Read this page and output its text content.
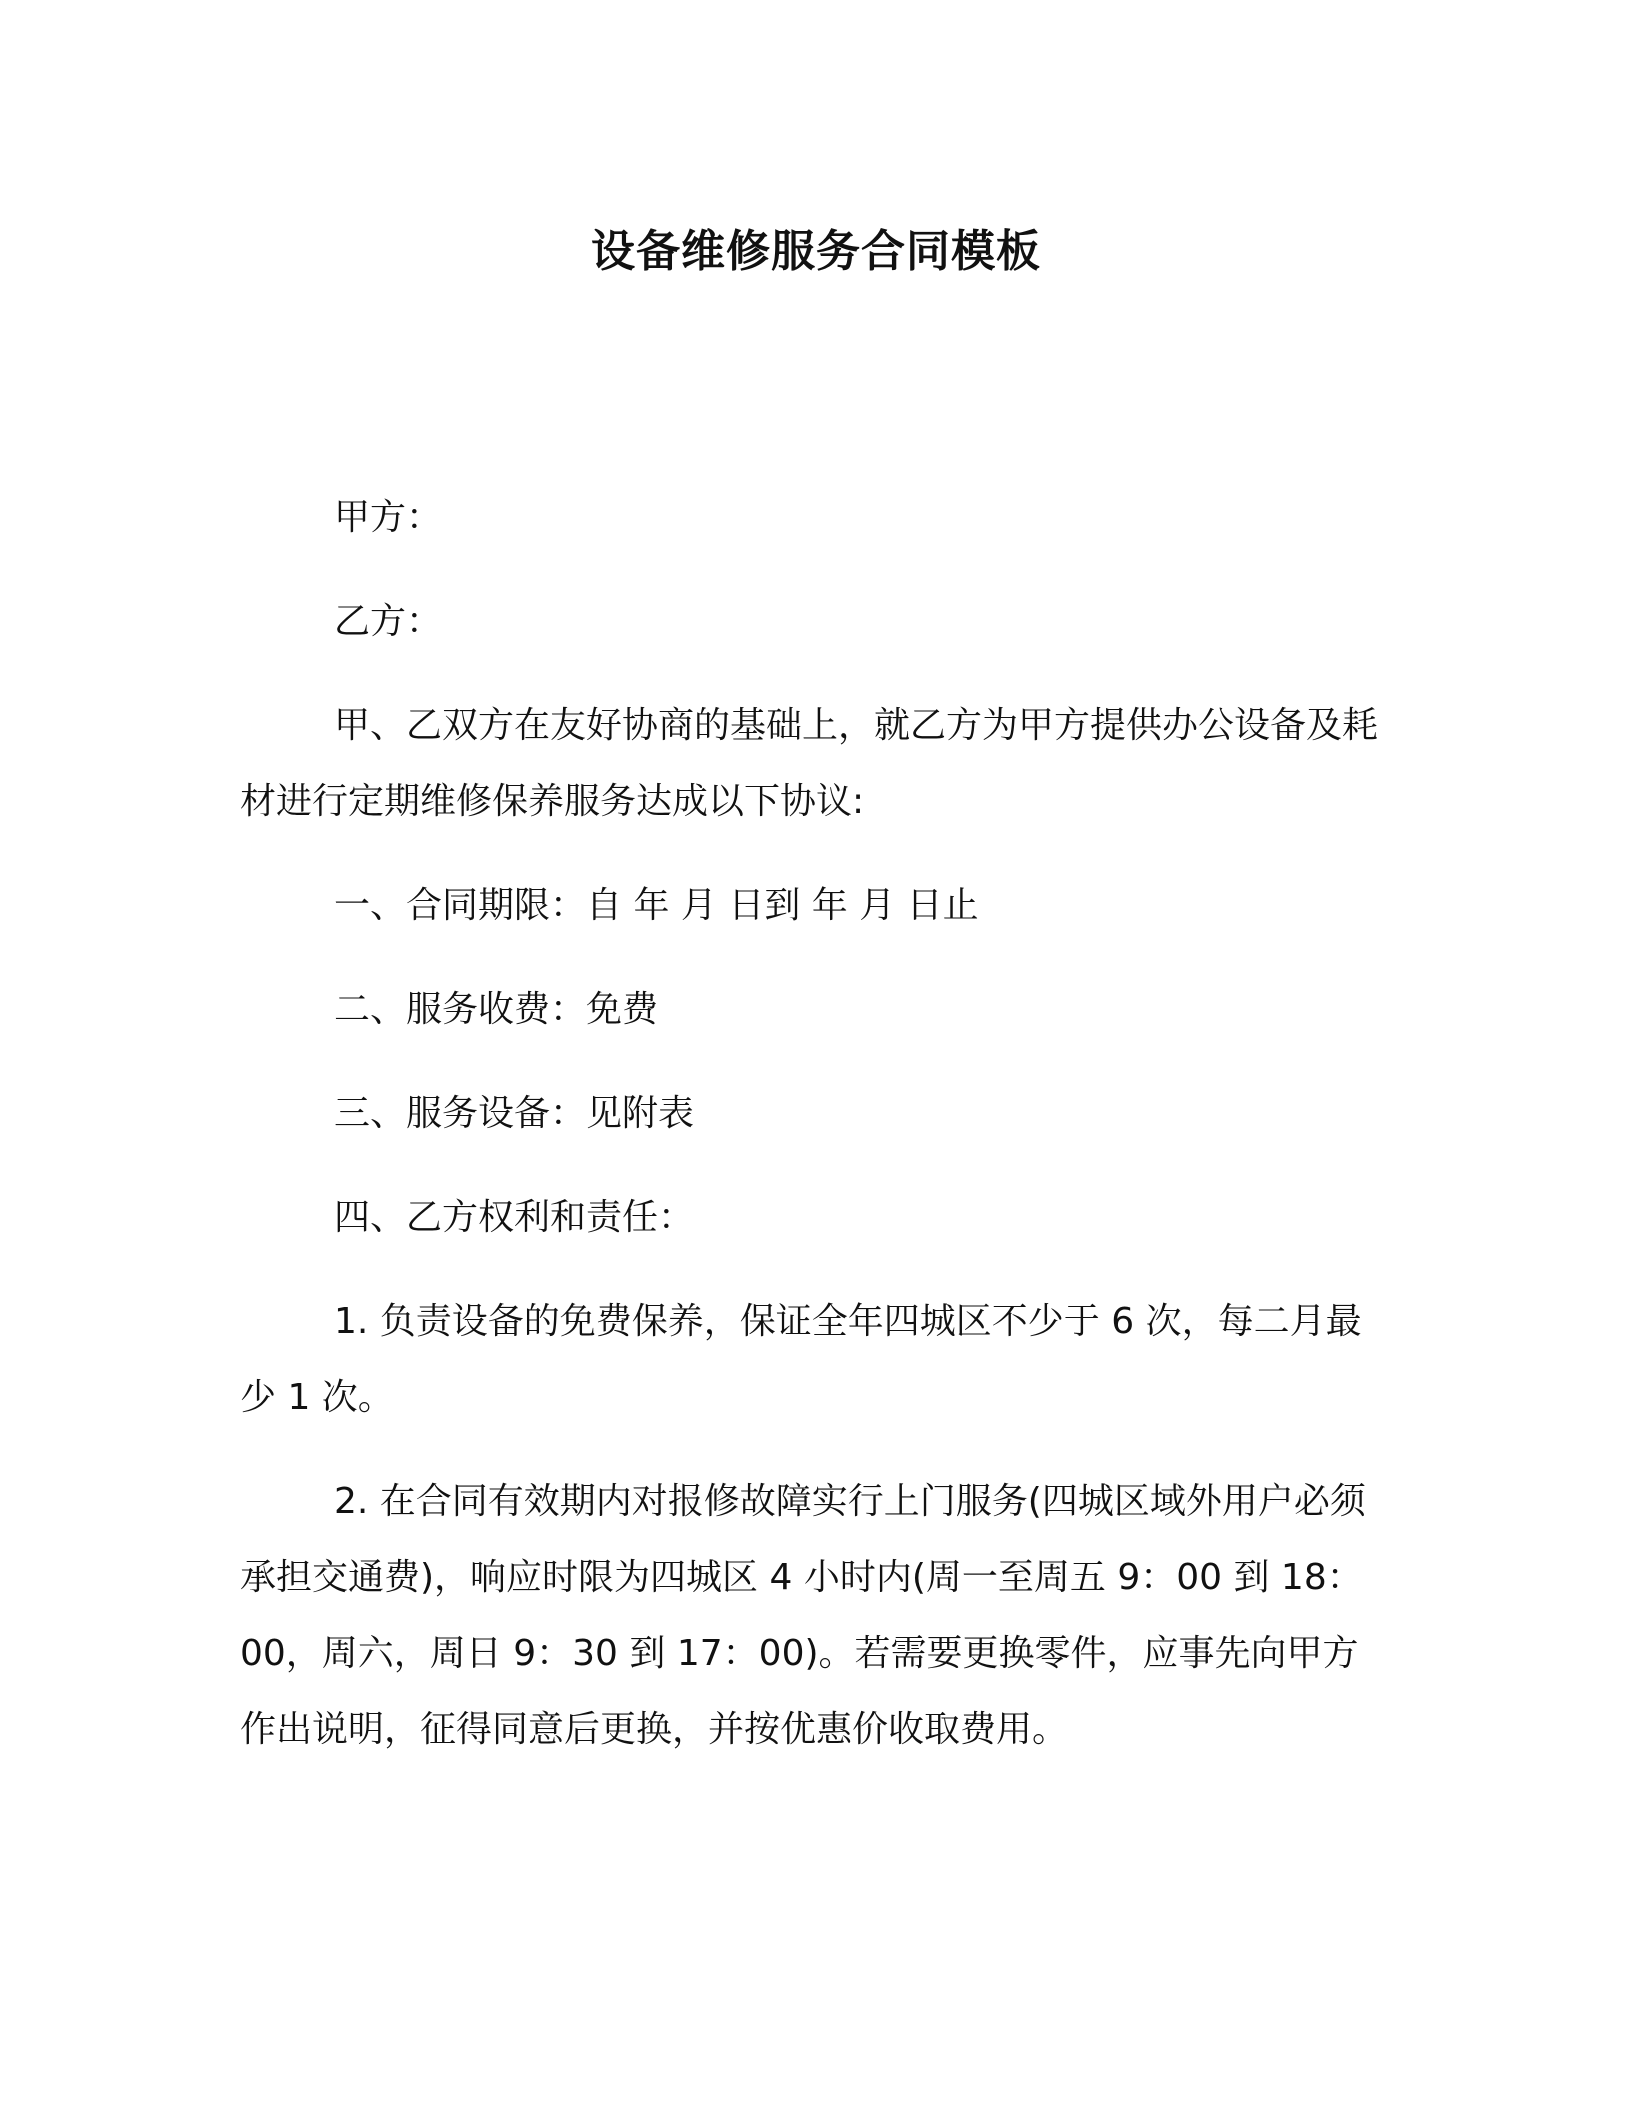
设备维修服务合同模板
甲方：
乙方：
甲、乙双方在友好协商的基础上，就乙方为甲方提供办公设备及耗材进行定期维修保养服务达成以下协议:
一、合同期限：自 年 月 日到 年 月 日止
二、服务收费：免费
三、服务设备：见附表
四、乙方权利和责任：
1. 负责设备的免费保养，保证全年四城区不少于 6 次，每二月最少 1 次。
2. 在合同有效期内对报修故障实行上门服务(四城区域外用户必须承担交通费)，响应时限为四城区 4 小时内(周一至周五 9：00 到 18：00，周六，周日 9：30 到 17：00)。若需要更换零件，应事先向甲方作出说明，征得同意后更换，并按优惠价收取费用。
